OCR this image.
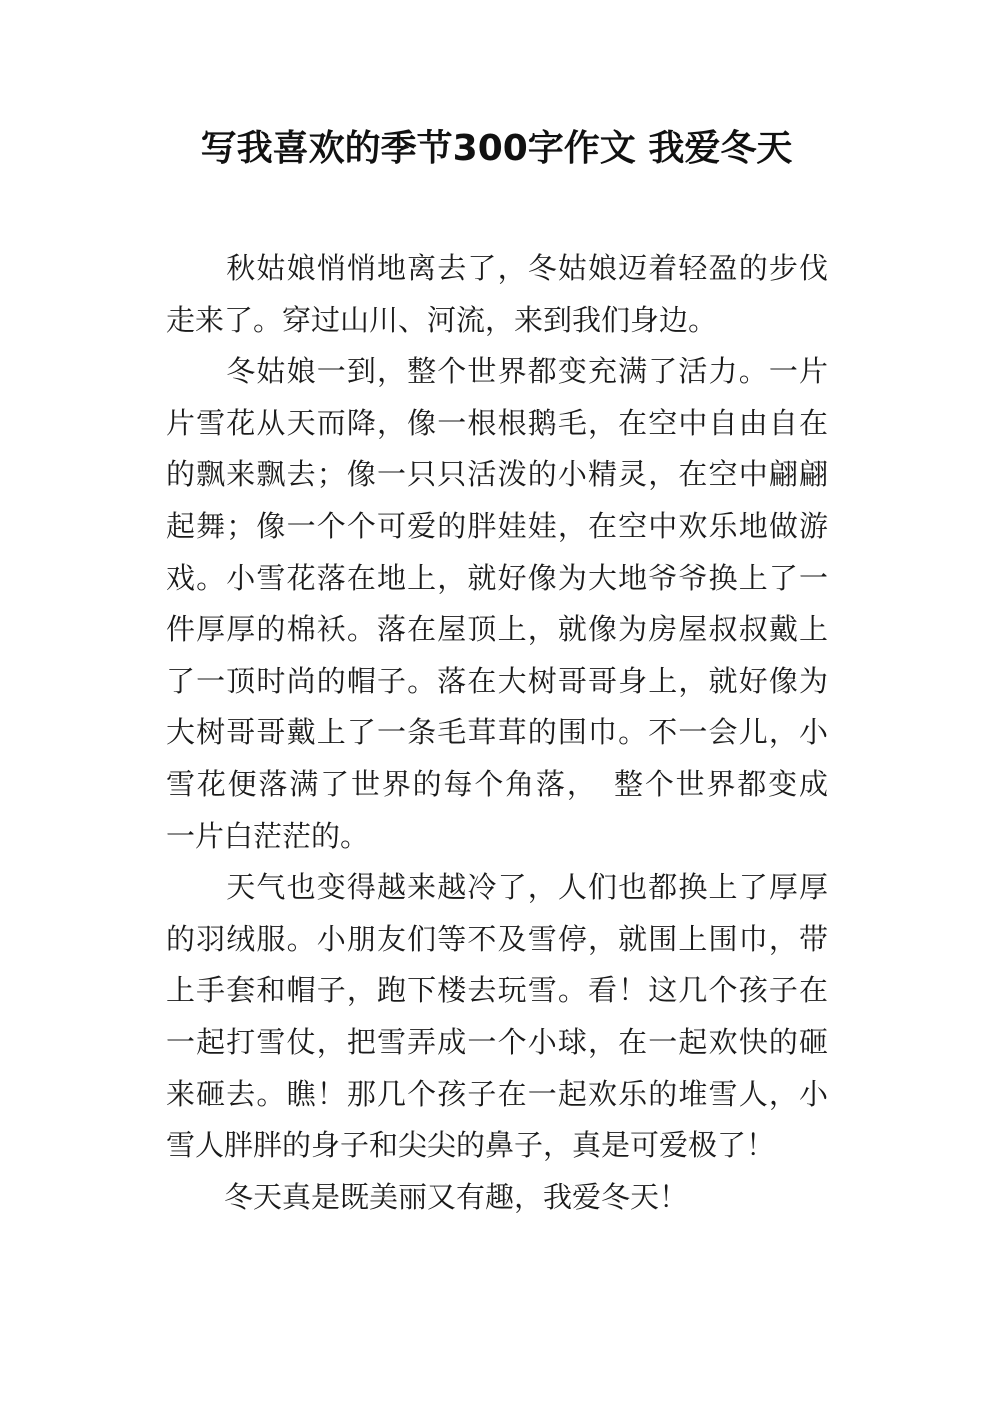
写我喜欢的季节300字作文 我爱冬天
　　秋姑娘悄悄地离去了，冬姑娘迈着轻盈的步伐
走来了。穿过山川、河流，来到我们身边。
　　冬姑娘一到，整个世界都变充满了活力。一片
片雪花从天而降，像一根根鹅毛，在空中自由自在
的飘来飘去；像一只只活泼的小精灵，在空中翩翩
起舞；像一个个可爱的胖娃娃，在空中欢乐地做游
戏。小雪花落在地上，就好像为大地爷爷换上了一
件厚厚的棉袄。落在屋顶上，就像为房屋叔叔戴上
了一顶时尚的帽子。落在大树哥哥身上，就好像为
大树哥哥戴上了一条毛茸茸的围巾。不一会儿，小
雪花便落满了世界的每个角落，　整个世界都变成
一片白茫茫的。
　　天气也变得越来越冷了，人们也都换上了厚厚
的羽绒服。小朋友们等不及雪停，就围上围巾，带
上手套和帽子，跑下楼去玩雪。看！这几个孩子在
一起打雪仗，把雪弄成一个小球，在一起欢快的砸
来砸去。瞧！那几个孩子在一起欢乐的堆雪人，小
雪人胖胖的身子和尖尖的鼻子，真是可爱极了！
　　冬天真是既美丽又有趣，我爱冬天！
